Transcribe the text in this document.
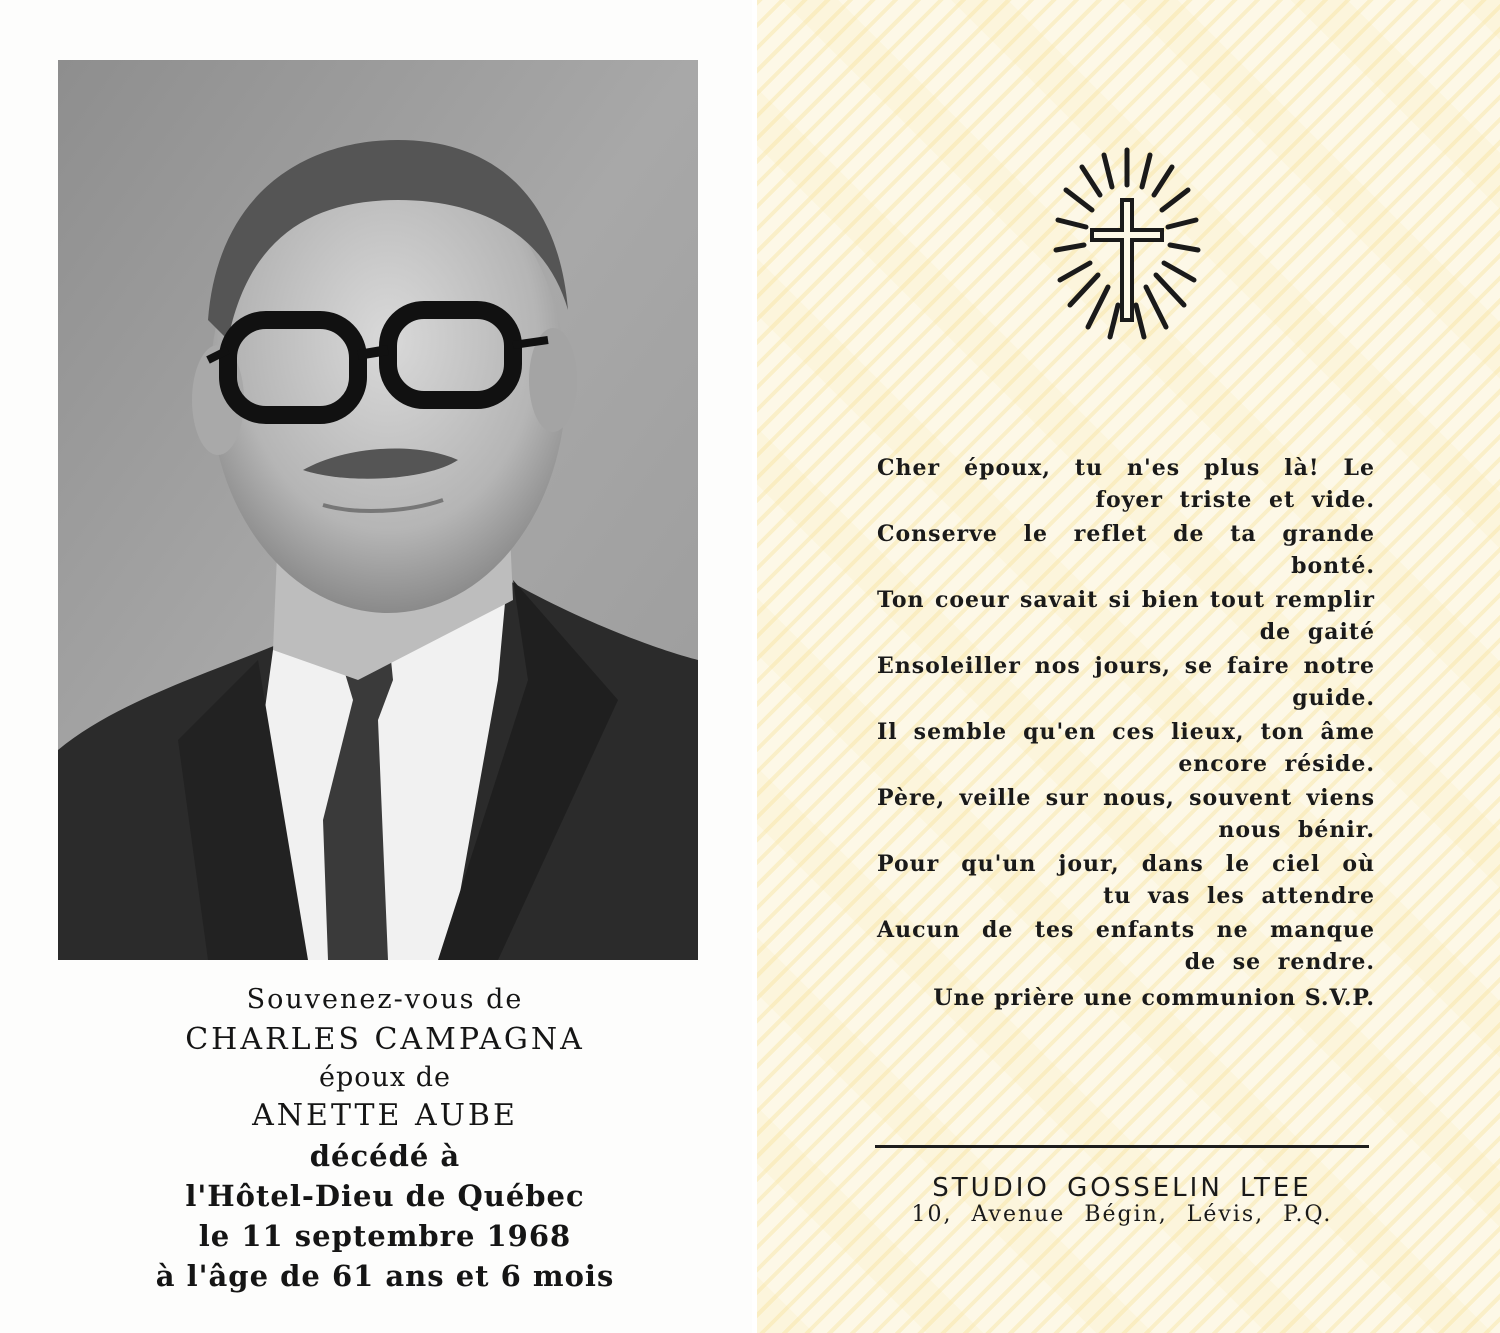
Souvenez-vous de
CHARLES CAMPAGNA
époux de
ANETTE AUBE
décédé à
l'Hôtel-Dieu de Québec
le 11 septembre 1968
à l'âge de 61 ans et 6 mois
Cher époux, tu n'es plus là! Le
foyer triste et vide.
Conserve le reflet de ta grande
bonté.
Ton coeur savait si bien tout remplir
de gaité
Ensoleiller nos jours, se faire notre
guide.
Il semble qu'en ces lieux, ton âme
encore réside.
Père, veille sur nous, souvent viens
nous bénir.
Pour qu'un jour, dans le ciel où
tu vas les attendre
Aucun de tes enfants ne manque
de se rendre.
Une prière une communion S.V.P.
STUDIO GOSSELIN LTEE
10, Avenue Bégin, Lévis, P.Q.
